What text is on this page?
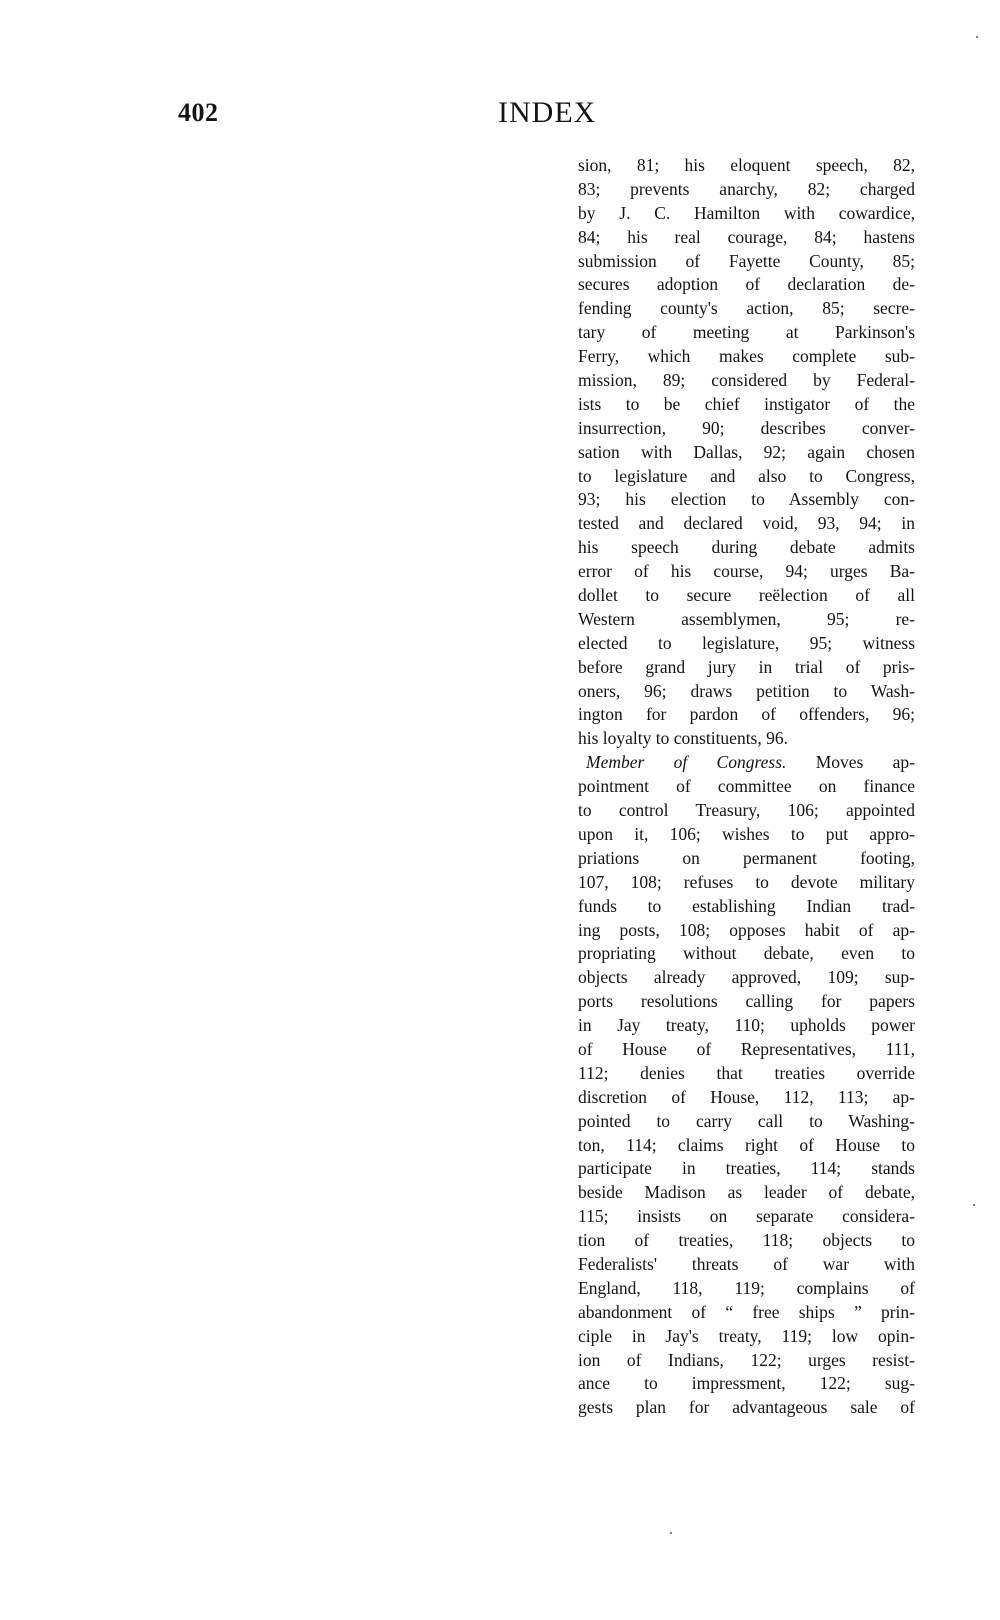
402	INDEX
sion, 81; his eloquent speech, 82,
83; prevents anarchy, 82; charged
by J. C. Hamilton with cowardice,
84; his real courage, 84; hastens
submission of Fayette County, 85;
secures adoption of declaration de-
fending county's action, 85; secre-
tary of meeting at Parkinson's
Ferry, which makes complete sub-
mission, 89; considered by Federal-
ists to be chief instigator of the
insurrection, 90; describes conver-
sation with Dallas, 92; again chosen
to legislature and also to Congress,
93; his election to Assembly con-
tested and declared void, 93, 94; in
his speech during debate admits
error of his course, 94; urges Ba-
dollet to secure reëlection of all
Western assemblymen, 95; re-
elected to legislature, 95; witness
before grand jury in trial of pris-
oners, 96; draws petition to Wash-
ington for pardon of offenders, 96;
his loyalty to constituents, 96.
Member of Congress. Moves ap-
pointment of committee on finance
to control Treasury, 106; appointed
upon it, 106; wishes to put appro-
priations on permanent footing,
107, 108; refuses to devote military
funds to establishing Indian trad-
ing posts, 108; opposes habit of ap-
propriating without debate, even to
objects already approved, 109; sup-
ports resolutions calling for papers
in Jay treaty, 110; upholds power
of House of Representatives, 111,
112; denies that treaties override
discretion of House, 112, 113; ap-
pointed to carry call to Washing-
ton, 114; claims right of House to
participate in treaties, 114; stands
beside Madison as leader of debate,
115; insists on separate considera-
tion of treaties, 118; objects to
Federalists' threats of war with
England, 118, 119; complains of
abandonment of “ free ships ” prin-
ciple in Jay's treaty, 119; low opin-
ion of Indians, 122; urges resist-
ance to impressment, 122; sug-
gests plan for advantageous sale of
